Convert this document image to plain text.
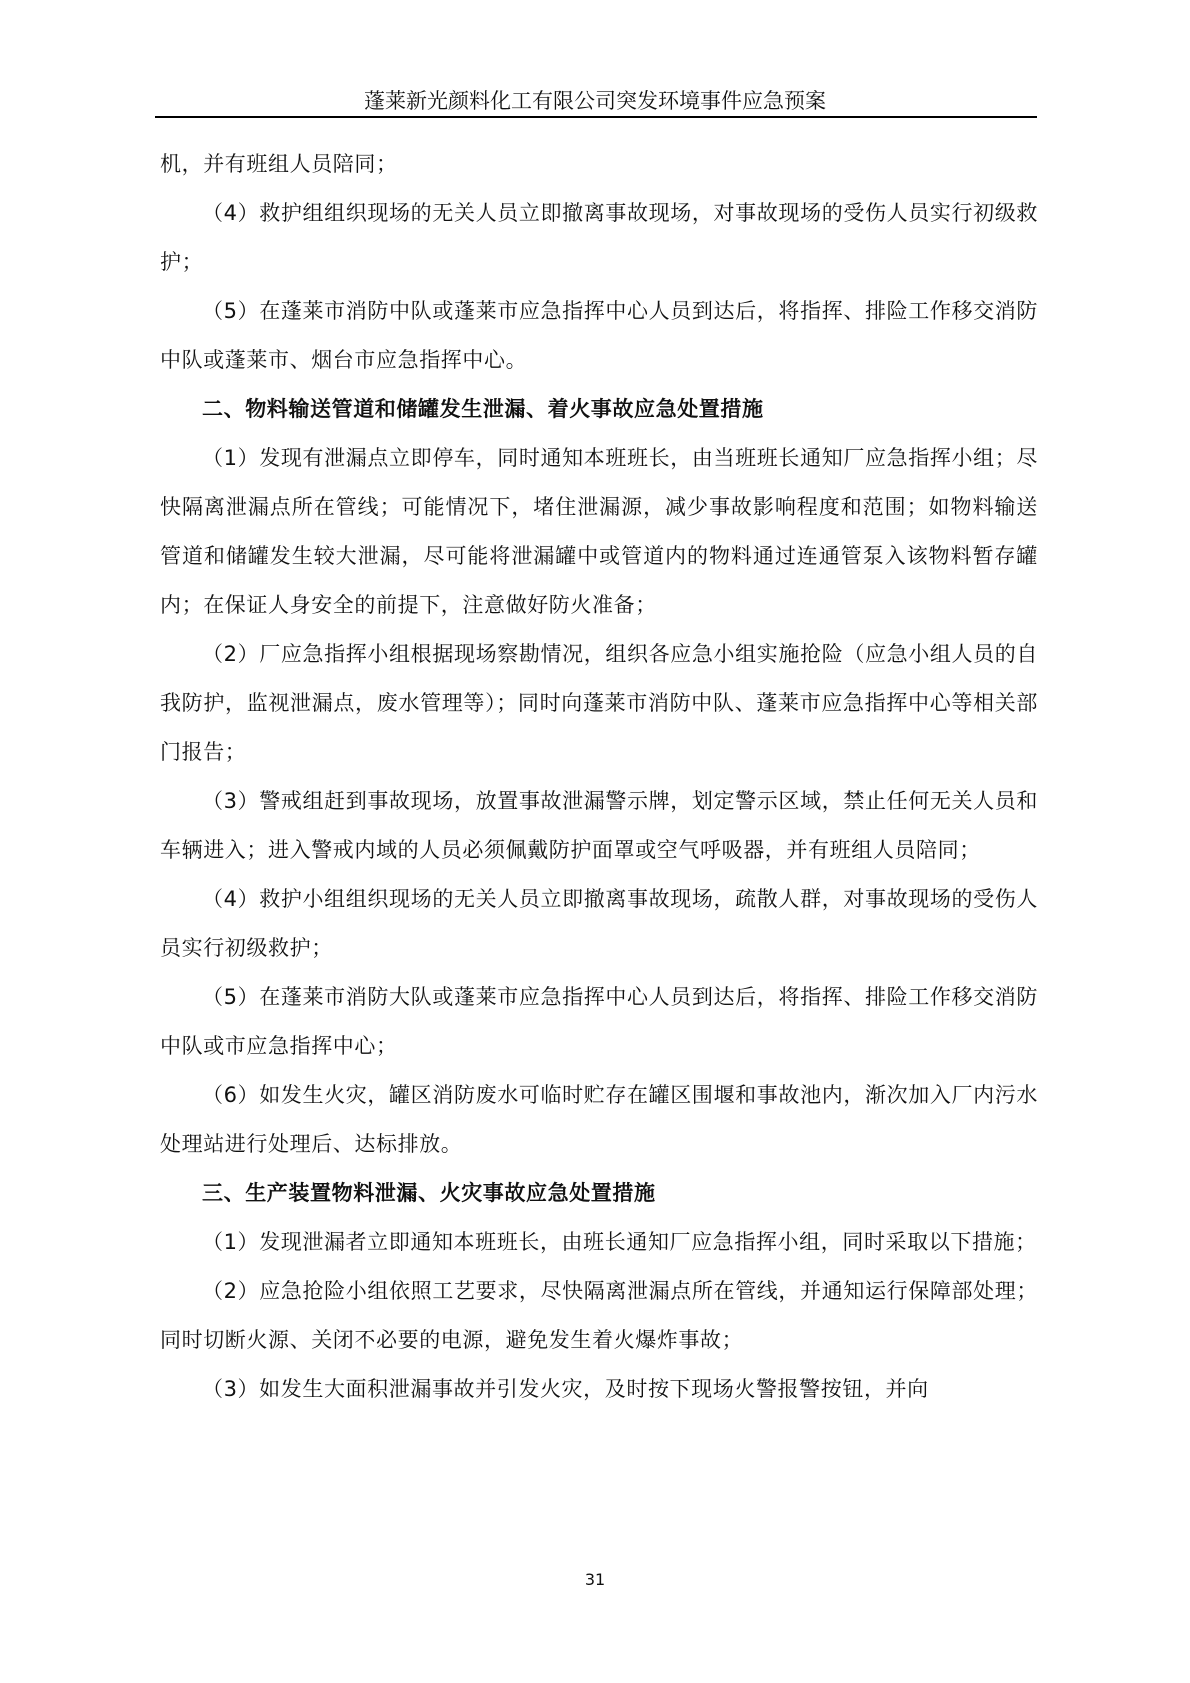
蓬莱新光颜料化工有限公司突发环境事件应急预案

机，并有班组人员陪同；

（4）救护组组织现场的无关人员立即撤离事故现场，对事故现场的受伤人员实行初级救护；

（5）在蓬莱市消防中队或蓬莱市应急指挥中心人员到达后，将指挥、排险工作移交消防中队或蓬莱市、烟台市应急指挥中心。

二、物料输送管道和储罐发生泄漏、着火事故应急处置措施

（1）发现有泄漏点立即停车，同时通知本班班长，由当班班长通知厂应急指挥小组；尽快隔离泄漏点所在管线；可能情况下，堵住泄漏源，减少事故影响程度和范围；如物料输送管道和储罐发生较大泄漏，尽可能将泄漏罐中或管道内的物料通过连通管泵入该物料暂存罐内；在保证人身安全的前提下，注意做好防火准备；

（2）厂应急指挥小组根据现场察勘情况，组织各应急小组实施抢险（应急小组人员的自我防护，监视泄漏点，废水管理等）；同时向蓬莱市消防中队、蓬莱市应急指挥中心等相关部门报告；

（3）警戒组赶到事故现场，放置事故泄漏警示牌，划定警示区域，禁止任何无关人员和车辆进入；进入警戒内域的人员必须佩戴防护面罩或空气呼吸器，并有班组人员陪同；

（4）救护小组组织现场的无关人员立即撤离事故现场，疏散人群，对事故现场的受伤人员实行初级救护；

（5）在蓬莱市消防大队或蓬莱市应急指挥中心人员到达后，将指挥、排险工作移交消防中队或市应急指挥中心；

（6）如发生火灾，罐区消防废水可临时贮存在罐区围堰和事故池内，渐次加入厂内污水处理站进行处理后、达标排放。

三、生产装置物料泄漏、火灾事故应急处置措施

（1）发现泄漏者立即通知本班班长，由班长通知厂应急指挥小组，同时采取以下措施；

（2）应急抢险小组依照工艺要求，尽快隔离泄漏点所在管线，并通知运行保障部处理；同时切断火源、关闭不必要的电源，避免发生着火爆炸事故；

（3）如发生大面积泄漏事故并引发火灾，及时按下现场火警报警按钮，并向

31
